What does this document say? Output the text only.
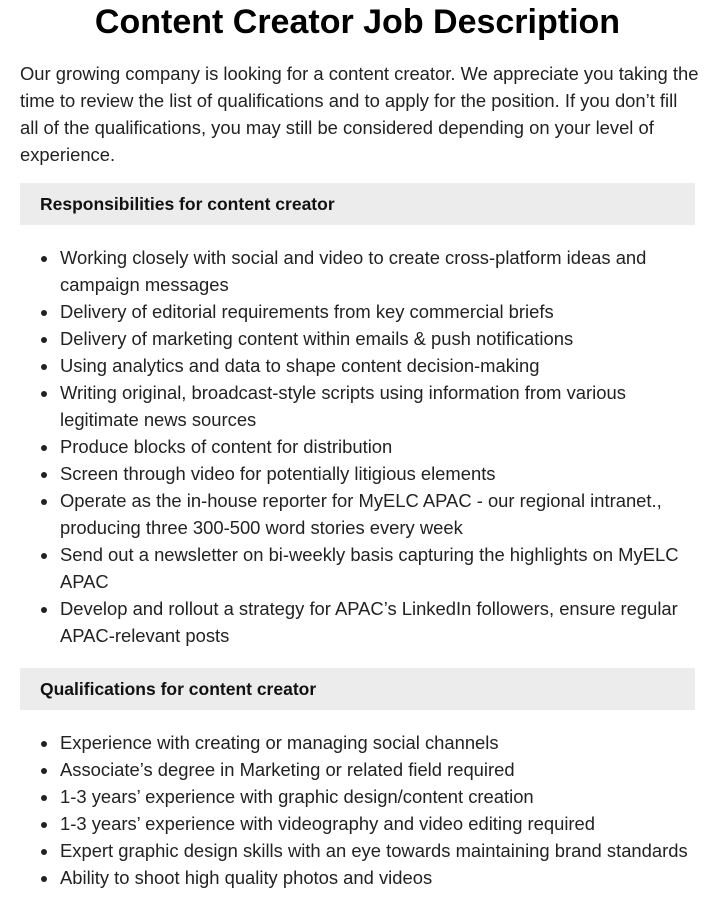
Content Creator Job Description

Our growing company is looking for a content creator. We appreciate you taking the time to review the list of qualifications and to apply for the position. If you don’t fill all of the qualifications, you may still be considered depending on your level of experience.

Responsibilities for content creator
Working closely with social and video to create cross-platform ideas and campaign messages
Delivery of editorial requirements from key commercial briefs
Delivery of marketing content within emails & push notifications
Using analytics and data to shape content decision-making
Writing original, broadcast-style scripts using information from various legitimate news sources
Produce blocks of content for distribution
Screen through video for potentially litigious elements
Operate as the in-house reporter for MyELC APAC - our regional intranet., producing three 300-500 word stories every week
Send out a newsletter on bi-weekly basis capturing the highlights on MyELC APAC
Develop and rollout a strategy for APAC’s LinkedIn followers, ensure regular APAC-relevant posts
Qualifications for content creator
Experience with creating or managing social channels
Associate’s degree in Marketing or related field required
1-3 years’ experience with graphic design/content creation
1-3 years’ experience with videography and video editing required
Expert graphic design skills with an eye towards maintaining brand standards
Ability to shoot high quality photos and videos
